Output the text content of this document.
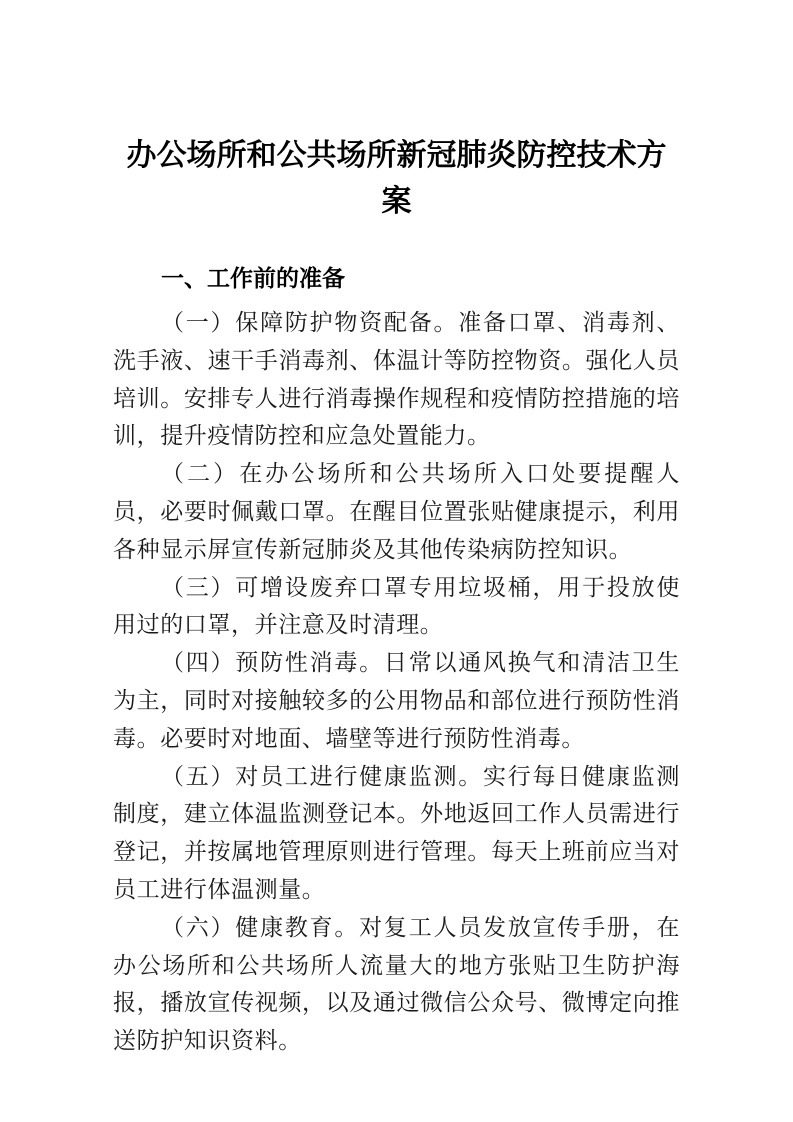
办公场所和公共场所新冠肺炎防控技术方案
一、工作前的准备

（一）保障防护物资配备。准备口罩、消毒剂、洗手液、速干手消毒剂、体温计等防控物资。强化人员培训。安排专人进行消毒操作规程和疫情防控措施的培训，提升疫情防控和应急处置能力。

（二）在办公场所和公共场所入口处要提醒人员，必要时佩戴口罩。在醒目位置张贴健康提示，利用各种显示屏宣传新冠肺炎及其他传染病防控知识。

（三）可增设废弃口罩专用垃圾桶，用于投放使用过的口罩，并注意及时清理。

（四）预防性消毒。日常以通风换气和清洁卫生为主，同时对接触较多的公用物品和部位进行预防性消毒。必要时对地面、墙壁等进行预防性消毒。

（五）对员工进行健康监测。实行每日健康监测制度，建立体温监测登记本。外地返回工作人员需进行登记，并按属地管理原则进行管理。每天上班前应当对员工进行体温测量。

（六）健康教育。对复工人员发放宣传手册，在办公场所和公共场所人流量大的地方张贴卫生防护海报，播放宣传视频，以及通过微信公众号、微博定向推送防护知识资料。
